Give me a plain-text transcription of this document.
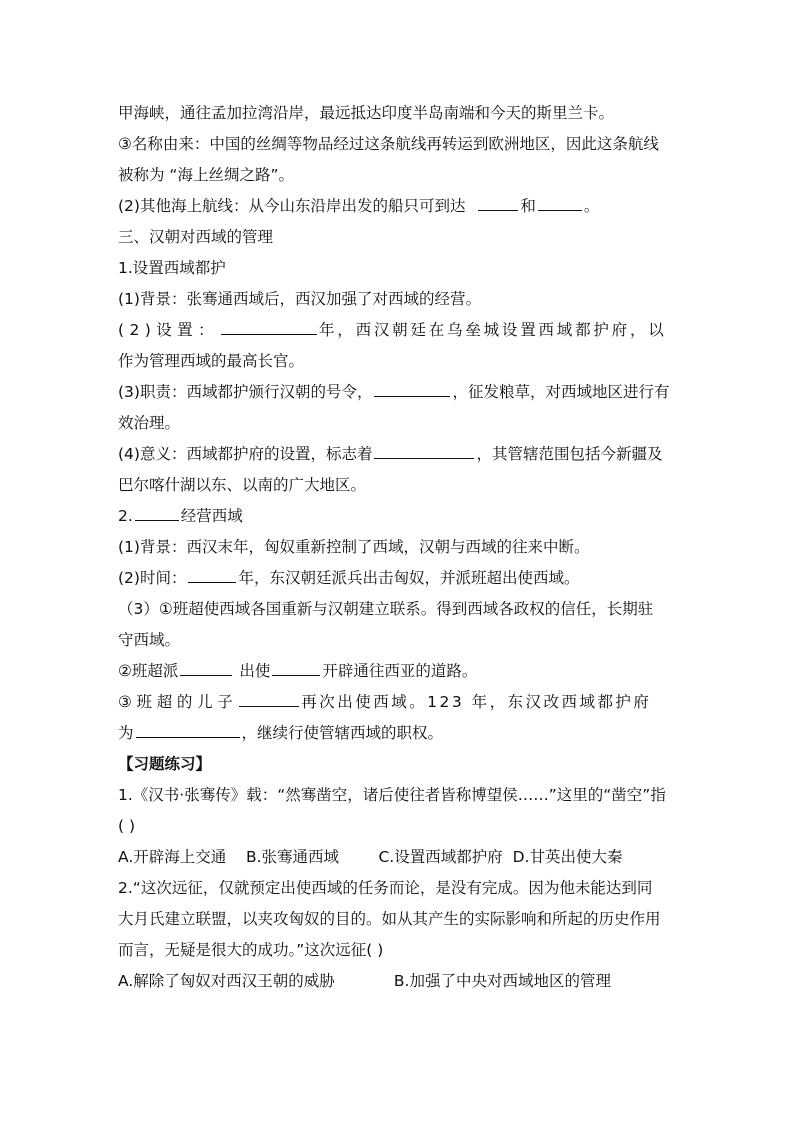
甲海峡，通往孟加拉湾沿岸，最远抵达印度半岛南端和今天的斯里兰卡。
③名称由来：中国的丝绸等物品经过这条航线再转运到欧洲地区，因此这条航线
被称为 “海上丝绸之路”。
(2)其他海上航线：从今山东沿岸出发的船只可到达	和	。
三、汉朝对西域的管理
1.设置西域都护
(1)背景：张骞通西域后，西汉加强了对西域的经营。
(2)设置：	年，西汉朝廷在乌垒城设置西域都护府，以
作为管理西域的最高长官。
(3)职责：西域都护颁行汉朝的号令，	，征发粮草，对西域地区进行有
效治理。
(4)意义：西域都护府的设置，标志着	，其管辖范围包括今新疆及
巴尔喀什湖以东、以南的广大地区。
2.	经营西域
(1)背景：西汉末年，匈奴重新控制了西域，汉朝与西域的往来中断。
(2)时间：	年，东汉朝廷派兵出击匈奴，并派班超出使西域。
（3）①班超使西域各国重新与汉朝建立联系。得到西域各政权的信任，长期驻
守西域。
②班超派	出使	开辟通往西亚的道路。
③班超的儿子	再次出使西域。123 年，东汉改西域都护府
为	，继续行使管辖西域的职权。
【习题练习】
1.《汉书·张骞传》载：“然骞凿空，诸后使往者皆称博望侯……”这里的“凿空”指
( )
A.开辟海上交通 B.张骞通西域	C.设置西域都护府 D.甘英出使大秦
2.“这次远征，仅就预定出使西域的任务而论，是没有完成。因为他未能达到同
大月氏建立联盟，以夹攻匈奴的目的。如从其产生的实际影响和所起的历史作用
而言，无疑是很大的成功。”这次远征( )
A.解除了匈奴对西汉王朝的威胁	B.加强了中央对西域地区的管理
